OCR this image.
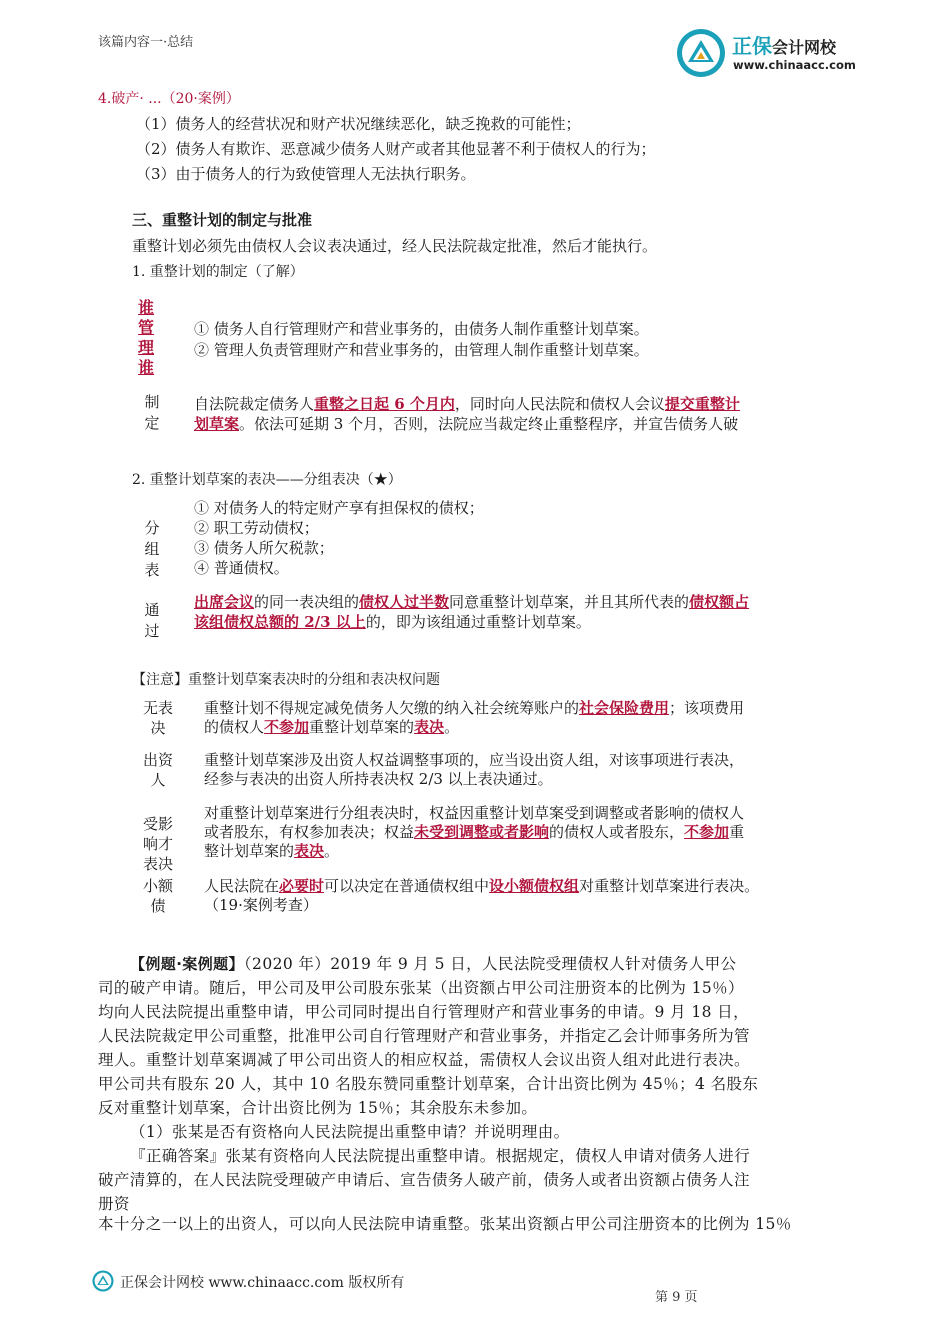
该篇内容一·总结
4.破产· ...（20·案例）
正保会计网校
www.chinaacc.com
（1）债务人的经营状况和财产状况继续恶化，缺乏挽救的可能性；
（2）债务人有欺诈、恶意减少债务人财产或者其他显著不利于债权人的行为；
（3）由于债务人的行为致使管理人无法执行职务。
三、重整计划的制定与批准
重整计划必须先由债权人会议表决通过，经人民法院裁定批准，然后才能执行。
1. 重整计划的制定（了解）
谁
管
理
谁
① 债务人自行管理财产和营业事务的，由债务人制作重整计划草案。
② 管理人负责管理财产和营业事务的，由管理人制作重整计划草案。
制
定
自法院裁定债务人重整之日起 6 个月内，同时向人民法院和债权人会议提交重整计
划草案。依法可延期 3 个月，否则，法院应当裁定终止重整程序，并宣告债务人破
2. 重整计划草案的表决——分组表决（★）
① 对债务人的特定财产享有担保权的债权；
② 职工劳动债权；
③ 债务人所欠税款；
④ 普通债权。
分
组
表
通
过
出席会议的同一表决组的债权人过半数同意重整计划草案，并且其所代表的债权额占
该组债权总额的 2/3 以上的，即为该组通过重整计划草案。
【注意】重整计划草案表决时的分组和表决权问题
无表
决
重整计划不得规定减免债务人欠缴的纳入社会统筹账户的社会保险费用；该项费用
的债权人不参加重整计划草案的表决。
出资
人
重整计划草案涉及出资人权益调整事项的，应当设出资人组，对该事项进行表决，
经参与表决的出资人所持表决权 2/3 以上表决通过。
受影
响才
表决
对重整计划草案进行分组表决时，权益因重整计划草案受到调整或者影响的债权人
或者股东，有权参加表决；权益未受到调整或者影响的债权人或者股东，不参加重
整计划草案的表决。
小额
债
人民法院在必要时可以决定在普通债权组中设小额债权组对重整计划草案进行表决。
（19·案例考查）
【例题·案例题】（2020 年）2019 年 9 月 5 日，人民法院受理债权人针对债务人甲公
司的破产申请。随后，甲公司及甲公司股东张某（出资额占甲公司注册资本的比例为 15％）
均向人民法院提出重整申请，甲公司同时提出自行管理财产和营业事务的申请。9 月 18 日，
人民法院裁定甲公司重整，批准甲公司自行管理财产和营业事务，并指定乙会计师事务所为管
理人。重整计划草案调减了甲公司出资人的相应权益，需债权人会议出资人组对此进行表决。
甲公司共有股东 20 人，其中 10 名股东赞同重整计划草案，合计出资比例为 45％；4 名股东
反对重整计划草案，合计出资比例为 15％；其余股东未参加。
（1）张某是否有资格向人民法院提出重整申请？并说明理由。
『正确答案』张某有资格向人民法院提出重整申请。根据规定，债权人申请对债务人进行
破产清算的，在人民法院受理破产申请后、宣告债务人破产前，债务人或者出资额占债务人注
册资
本十分之一以上的出资人，可以向人民法院申请重整。张某出资额占甲公司注册资本的比例为 15％
正保会计网校 www.chinaacc.com 版权所有
第 9 页
